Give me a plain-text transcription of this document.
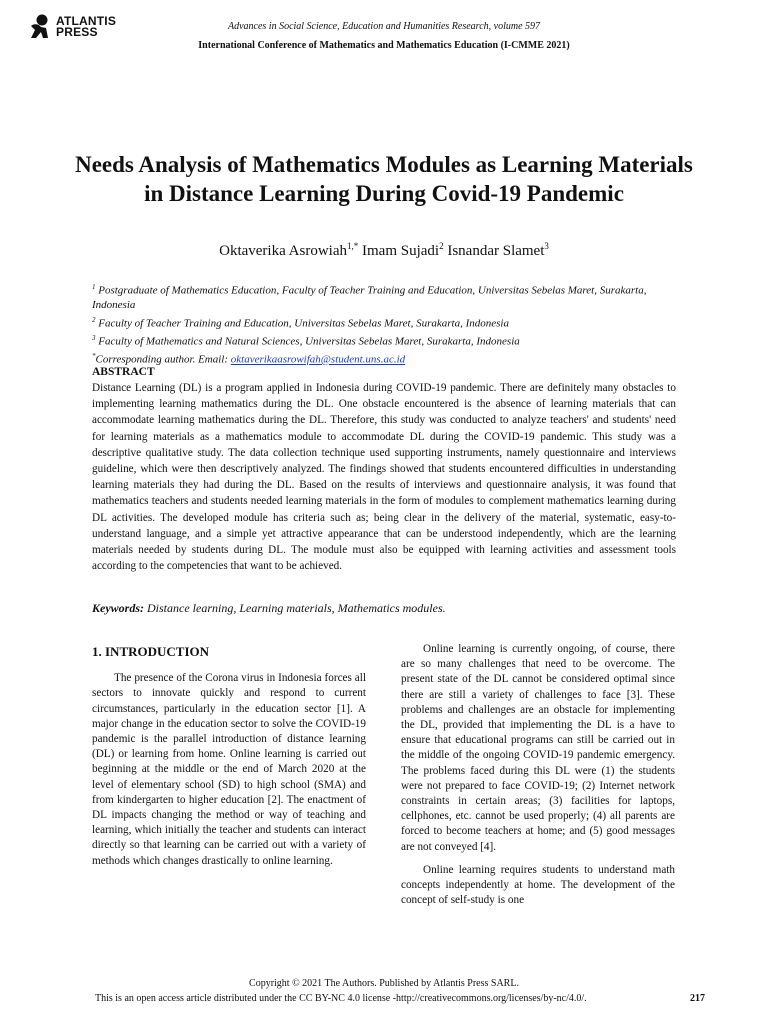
ATLANTIS
PRESS	Advances in Social Science, Education and Humanities Research, volume 597
International Conference of Mathematics and Mathematics Education (I-CMME 2021)
Needs Analysis of Mathematics Modules as Learning Materials in Distance Learning During Covid-19 Pandemic
Oktaverika Asrowiah$^{1,*}$ Imam Sujadi$^2$ Isnandar Slamet$^3$
$^1$ Postgraduate of Mathematics Education, Faculty of Teacher Training and Education, Universitas Sebelas Maret, Surakarta, Indonesia
$^2$ Faculty of Teacher Training and Education, Universitas Sebelas Maret, Surakarta, Indonesia
$^3$ Faculty of Mathematics and Natural Sciences, Universitas Sebelas Maret, Surakarta, Indonesia
*Corresponding author. Email: oktaverikaasrowifah@student.uns.ac.id
ABSTRACT
Distance Learning (DL) is a program applied in Indonesia during COVID-19 pandemic. There are definitely many obstacles to implementing learning mathematics during the DL. One obstacle encountered is the absence of learning materials that can accommodate learning mathematics during the DL. Therefore, this study was conducted to analyze teachers' and students' need for learning materials as a mathematics module to accommodate DL during the COVID-19 pandemic. This study was a descriptive qualitative study. The data collection technique used supporting instruments, namely questionnaire and interviews guideline, which were then descriptively analyzed. The findings showed that students encountered difficulties in understanding learning materials they had during the DL. Based on the results of interviews and questionnaire analysis, it was found that mathematics teachers and students needed learning materials in the form of modules to complement mathematics learning during DL activities. The developed module has criteria such as; being clear in the delivery of the material, systematic, easy-to-understand language, and a simple yet attractive appearance that can be understood independently, which are the learning materials needed by students during DL. The module must also be equipped with learning activities and assessment tools according to the competencies that want to be achieved.
Keywords: Distance learning, Learning materials, Mathematics modules.
1. INTRODUCTION

The presence of the Corona virus in Indonesia forces all sectors to innovate quickly and respond to current circumstances, particularly in the education sector [1]. A major change in the education sector to solve the COVID-19 pandemic is the parallel introduction of distance learning (DL) or learning from home. Online learning is carried out beginning at the middle or the end of March 2020 at the level of elementary school (SD) to high school (SMA) and from kindergarten to higher education [2]. The enactment of DL impacts changing the method or way of teaching and learning, which initially the teacher and students can interact directly so that learning can be carried out with a variety of methods which changes drastically to online learning.

Online learning is currently ongoing, of course, there are so many challenges that need to be overcome. The present state of the DL cannot be considered optimal since there are still a variety of challenges to face [3]. These problems and challenges are an obstacle for implementing the DL, provided that implementing the DL is a have to ensure that educational programs can still be carried out in the middle of the ongoing COVID-19 pandemic emergency. The problems faced during this DL were (1) the students were not prepared to face COVID-19; (2) Internet network constraints in certain areas; (3) facilities for laptops, cellphones, etc. cannot be used properly; (4) all parents are forced to become teachers at home; and (5) good messages are not conveyed [4].

Online learning requires students to understand math concepts independently at home. The development of the concept of self-study is one

Copyright © 2021 The Authors. Published by Atlantis Press SARL.
This is an open access article distributed under the CC BY-NC 4.0 license -http://creativecommons.org/licenses/by-nc/4.0/.	217
